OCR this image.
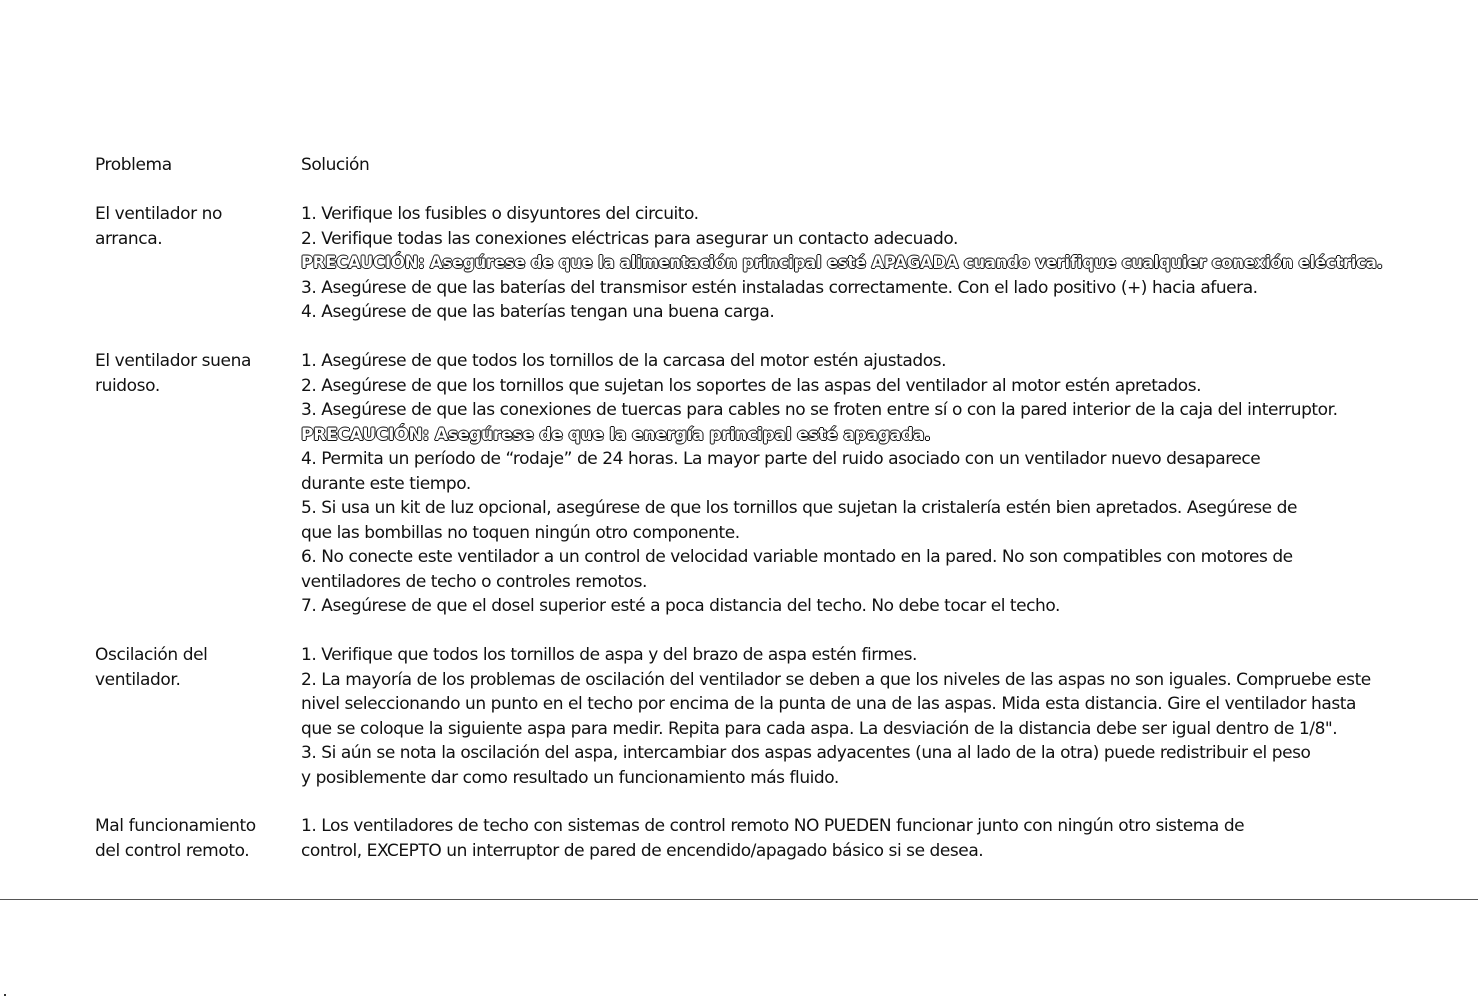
Problema	Solución
El ventilador no
arranca.
1. Verifique los fusibles o disyuntores del circuito.
2. Verifique todas las conexiones eléctricas para asegurar un contacto adecuado.
PRECAUCIÓN: Asegúrese de que la alimentación principal esté APAGADA cuando verifique cualquier conexión eléctrica.
3. Asegúrese de que las baterías del transmisor estén instaladas correctamente. Con el lado positivo (+) hacia afuera.
4. Asegúrese de que las baterías tengan una buena carga.
El ventilador suena
ruidoso.
1. Asegúrese de que todos los tornillos de la carcasa del motor estén ajustados.
2. Asegúrese de que los tornillos que sujetan los soportes de las aspas del ventilador al motor estén apretados.
3. Asegúrese de que las conexiones de tuercas para cables no se froten entre sí o con la pared interior de la caja del interruptor.
PRECAUCIÓN: Asegúrese de que la energía principal esté apagada.
4. Permita un período de “rodaje” de 24 horas. La mayor parte del ruido asociado con un ventilador nuevo desaparece
durante este tiempo.
5. Si usa un kit de luz opcional, asegúrese de que los tornillos que sujetan la cristalería estén bien apretados. Asegúrese de
que las bombillas no toquen ningún otro componente.
6. No conecte este ventilador a un control de velocidad variable montado en la pared. No son compatibles con motores de
ventiladores de techo o controles remotos.
7. Asegúrese de que el dosel superior esté a poca distancia del techo. No debe tocar el techo.
Oscilación del
ventilador.
1. Verifique que todos los tornillos de aspa y del brazo de aspa estén firmes.
2. La mayoría de los problemas de oscilación del ventilador se deben a que los niveles de las aspas no son iguales. Compruebe este
nivel seleccionando un punto en el techo por encima de la punta de una de las aspas. Mida esta distancia. Gire el ventilador hasta
que se coloque la siguiente aspa para medir. Repita para cada aspa. La desviación de la distancia debe ser igual dentro de 1/8".
3. Si aún se nota la oscilación del aspa, intercambiar dos aspas adyacentes (una al lado de la otra) puede redistribuir el peso
y posiblemente dar como resultado un funcionamiento más fluido.
Mal funcionamiento
del control remoto.
1. Los ventiladores de techo con sistemas de control remoto NO PUEDEN funcionar junto con ningún otro sistema de
control, EXCEPTO un interruptor de pared de encendido/apagado básico si se desea.
